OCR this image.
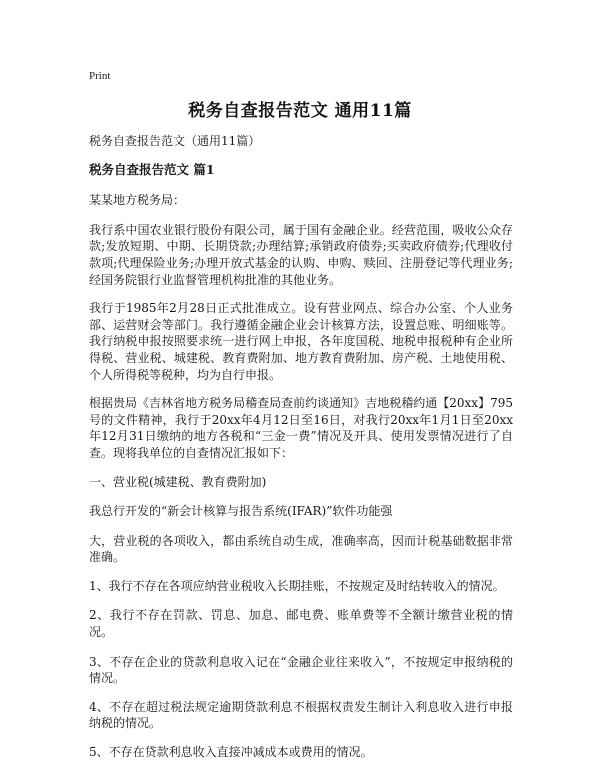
Print
税务自查报告范文 通用11篇

税务自查报告范文（通用11篇）

税务自查报告范文 篇1

某某地方税务局：

我行系中国农业银行股份有限公司，属于国有金融企业。经营范围，吸收公众存款;发放短期、中期、长期贷款;办理结算;承销政府债券;买卖政府债券;代理收付款项;代理保险业务;办理开放式基金的认购、申购、赎回、注册登记等代理业务;经国务院银行业监督管理机构批准的其他业务。

我行于1985年2月28日正式批准成立。设有营业网点、综合办公室、个人业务部、运营财会等部门。我行遵循金融企业会计核算方法，设置总账、明细账等。我行纳税申报按照要求统一进行网上申报，各年度国税、地税申报税种有企业所得税、营业税、城建税、教育费附加、地方教育费附加、房产税、土地使用税、个人所得税等税种，均为自行申报。

根据贵局《吉林省地方税务局稽查局查前约谈通知》吉地税稽约通【20xx】795号的文件精神，我行于20xx年4月12日至16日，对我行20xx年1月1日至20xx年12月31日缴纳的地方各税和“三金一费”情况及开具、使用发票情况进行了自查。现将我单位的自查情况汇报如下：

一、营业税(城建税、教育费附加)

我总行开发的“新会计核算与报告系统(IFAR)”软件功能强

大，营业税的各项收入，都由系统自动生成，准确率高，因而计税基础数据非常准确。

1、我行不存在各项应纳营业税收入长期挂账，不按规定及时结转收入的情况。

2、我行不存在罚款、罚息、加息、邮电费、账单费等不全额计缴营业税的情况。

3、不存在企业的贷款利息收入记在“金融企业往来收入”，不按规定申报纳税的情况。

4、不存在超过税法规定逾期贷款利息不根据权责发生制计入利息收入进行申报纳税的情况。

5、不存在贷款利息收入直接冲减成本或费用的情况。
